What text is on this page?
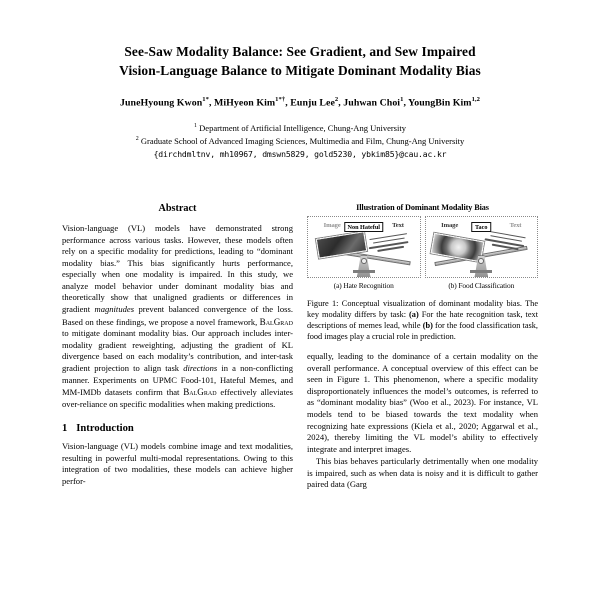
See-Saw Modality Balance: See Gradient, and Sew Impaired
Vision-Language Balance to Mitigate Dominant Modality Bias
JuneHyoung Kwon$^{1*}$, MiHyeon Kim$^{1*\dagger}$, Eunju Lee$^2$, Juhwan Choi$^1$, YoungBin Kim$^{1,2}$
$^1$ Department of Artificial Intelligence, Chung-Ang University
$^2$ Graduate School of Advanced Imaging Sciences, Multimedia and Film, Chung-Ang University
{dirchdmltnv, mh10967, dmswn5829, gold5230, ybkim85}@cau.ac.kr
Abstract

Vision-language (VL) models have demonstrated strong performance across various tasks. However, these models often rely on a specific modality for predictions, leading to “dominant modality bias.” This bias significantly hurts performance, especially when one modality is impaired. In this study, we analyze model behavior under dominant modality bias and theoretically show that unaligned gradients or differences in gradient magnitudes prevent balanced convergence of the loss. Based on these findings, we propose a novel framework, BalGrad to mitigate dominant modality bias. Our approach includes inter-modality gradient reweighting, adjusting the gradient of KL divergence based on each modality’s contribution, and inter-task gradient projection to align task directions in a non-conflicting manner. Experiments on UPMC Food-101, Hateful Memes, and MM-IMDb datasets confirm that BalGrad effectively alleviates over-reliance on specific modalities when making predictions.

1 Introduction

Vision-language (VL) models combine image and text modalities, resulting in powerful multi-modal representations. Owing to this integration of two modalities, these models can achieve higher perfor-

Illustration of Dominant Modality Bias
Image	Text
Non Hateful	Image	Text
Taco
(a) Hate Recognition	(b) Food Classification
Figure 1: Conceptual visualization of dominant modality bias. The key modality differs by task: (a) For the hate recognition task, text descriptions of memes lead, while (b) for the food classification task, food images play a crucial role in prediction.

equally, leading to the dominance of a certain modality on the overall performance. A conceptual overview of this effect can be seen in Figure 1. This phenomenon, where a specific modality disproportionately influences the model’s outcomes, is referred to as “dominant modality bias” (Woo et al., 2023). For instance, VL models tend to be biased towards the text modality when recognizing hate expressions (Kiela et al., 2020; Aggarwal et al., 2024), thereby limiting the VL model’s ability to effectively integrate and interpret images.

This bias behaves particularly detrimentally when one modality is impaired, such as when data is noisy and it is difficult to gather paired data (Garg
